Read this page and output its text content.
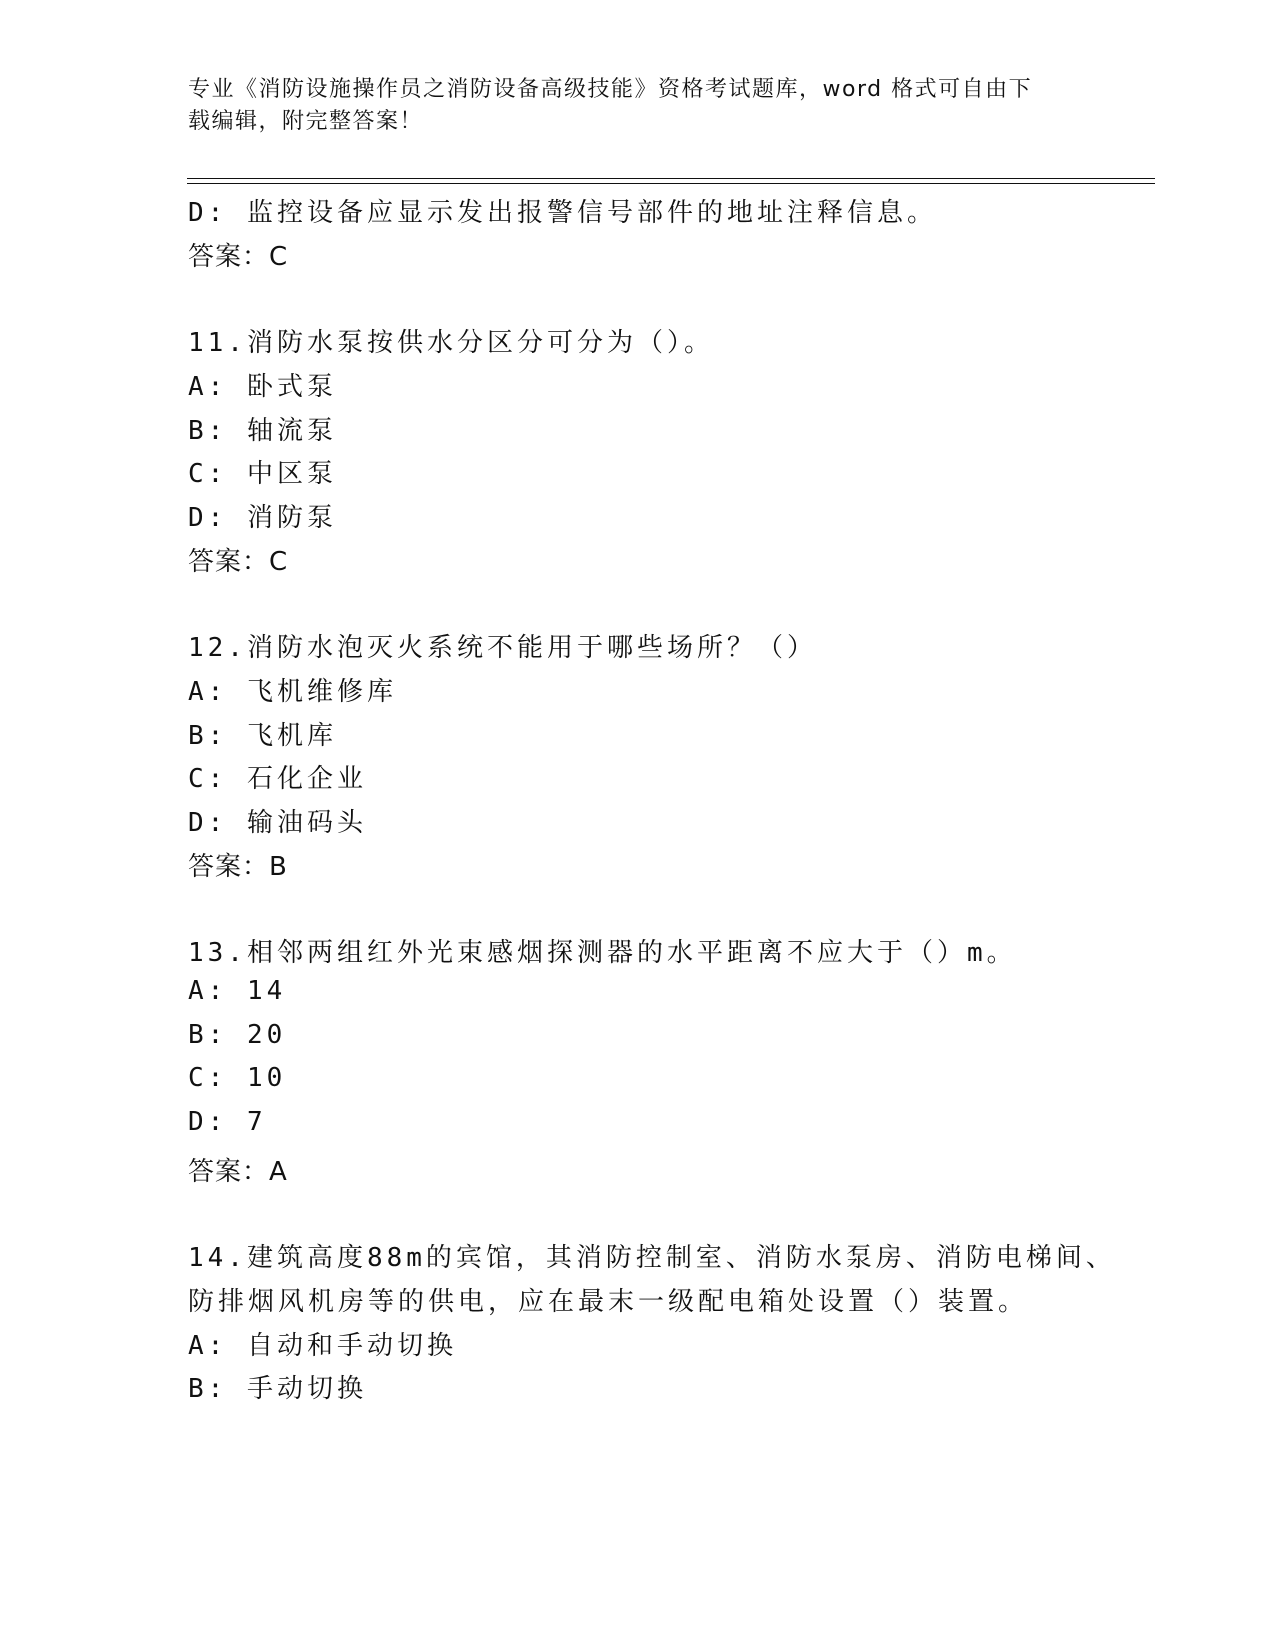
专业《消防设施操作员之消防设备高级技能》资格考试题库，word 格式可自由下
载编辑，附完整答案！
D: 监控设备应显示发出报警信号部件的地址注释信息。
答案：C
11.消防水泵按供水分区分可分为（）。
A: 卧式泵
B: 轴流泵
C: 中区泵
D: 消防泵
答案：C
12.消防水泡灭火系统不能用于哪些场所？（）
A: 飞机维修库
B: 飞机库
C: 石化企业
D: 输油码头
答案：B
13.相邻两组红外光束感烟探测器的水平距离不应大于（）m。
A: 14
B: 20
C: 10
D: 7
答案：A
14.建筑高度88m的宾馆，其消防控制室、消防水泵房、消防电梯间、
防排烟风机房等的供电，应在最末一级配电箱处设置（）装置。
A: 自动和手动切换
B: 手动切换
